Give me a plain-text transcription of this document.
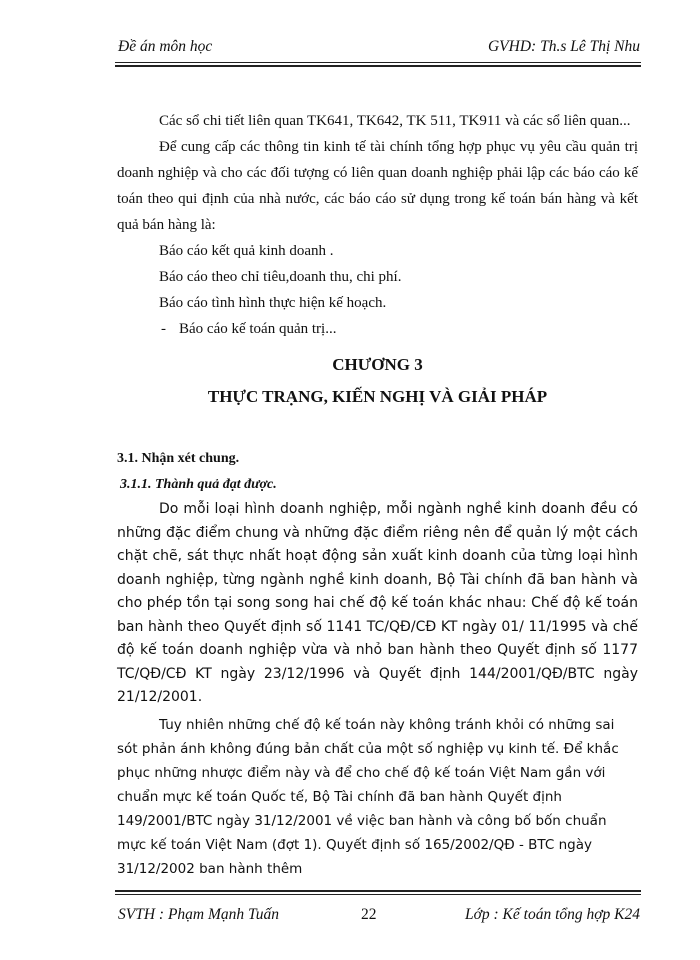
Đề án môn học	GVHD: Th.s Lê Thị Nhu

Các sổ chi tiết liên quan TK641, TK642, TK 511, TK911 và các sổ liên quan...

Để cung cấp các thông tin kinh tế tài chính tổng hợp phục vụ yêu cầu quản trị doanh nghiệp và cho các đối tượng có liên quan doanh nghiệp phải lập các báo cáo kế toán theo qui định của nhà nước, các báo cáo sử dụng trong kế toán bán hàng và kết quả bán hàng là:

Báo cáo kết quả kinh doanh .

Báo cáo theo chỉ tiêu,doanh thu, chi phí.

Báo cáo tình hình thực hiện kế hoạch.

- Báo cáo kế toán quản trị...

CHƯƠNG 3
THỰC TRẠNG, KIẾN NGHỊ VÀ GIẢI PHÁP
3.1. Nhận xét chung.
3.1.1. Thành quả đạt được.

Do mỗi loại hình doanh nghiệp, mỗi ngành nghề kinh doanh đều có những đặc điểm chung và những đặc điểm riêng nên để quản lý một cách chặt chẽ, sát thực nhất hoạt động sản xuất kinh doanh của từng loại hình doanh nghiệp, từng ngành nghề kinh doanh, Bộ Tài chính đã ban hành và cho phép tồn tại song song hai chế độ kế toán khác nhau: Chế độ kế toán ban hành theo Quyết định số 1141 TC/QĐ/CĐ KT ngày 01/ 11/1995 và chế độ kế toán doanh nghiệp vừa và nhỏ ban hành theo Quyết định số 1177 TC/QĐ/CĐ KT ngày 23/12/1996 và Quyết định 144/2001/QĐ/BTC ngày 21/12/2001.

Tuy nhiên những chế độ kế toán này không tránh khỏi có những sai sót phản ánh không đúng bản chất của một số nghiệp vụ kinh tế. Để khắc phục những nhược điểm này và để cho chế độ kế toán Việt Nam gần với chuẩn mực kế toán Quốc tế, Bộ Tài chính đã ban hành Quyết định 149/2001/BTC ngày 31/12/2001 về việc ban hành và công bố bốn chuẩn mực kế toán Việt Nam (đợt 1). Quyết định số 165/2002/QĐ - BTC ngày 31/12/2002 ban hành thêm

SVTH : Phạm Mạnh Tuấn	22	Lớp : Kế toán tổng hợp K24
